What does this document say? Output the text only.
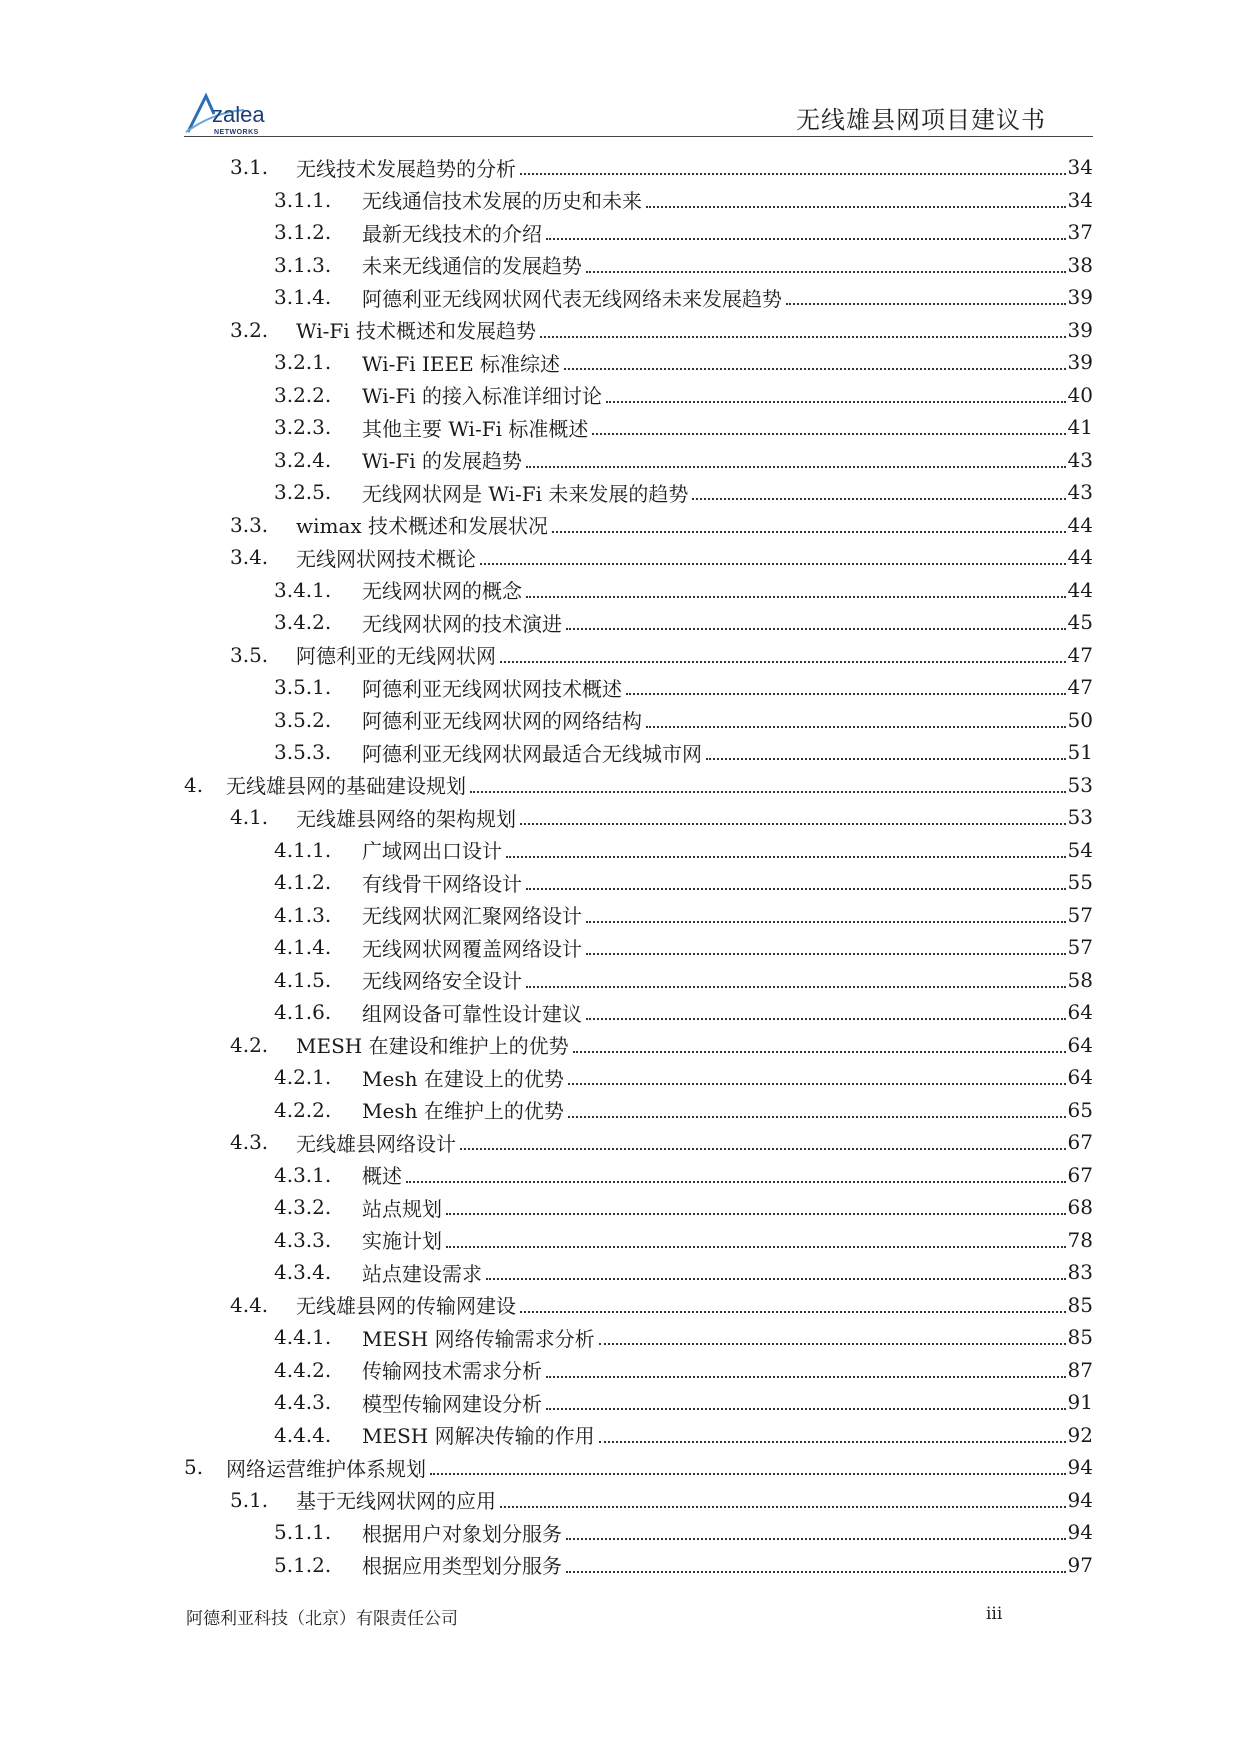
zalea
NETWORKS	无线雄县网项目建议书
3.1.	无线技术发展趋势的分析	34
3.1.1.	无线通信技术发展的历史和未来	34
3.1.2.	最新无线技术的介绍	37
3.1.3.	未来无线通信的发展趋势	38
3.1.4.	阿德利亚无线网状网代表无线网络未来发展趋势	39
3.2.	Wi-Fi 技术概述和发展趋势	39
3.2.1.	Wi-Fi IEEE 标准综述	39
3.2.2.	Wi-Fi 的接入标准详细讨论	40
3.2.3.	其他主要 Wi-Fi 标准概述	41
3.2.4.	Wi-Fi 的发展趋势	43
3.2.5.	无线网状网是 Wi-Fi 未来发展的趋势	43
3.3.	wimax 技术概述和发展状况	44
3.4.	无线网状网技术概论	44
3.4.1.	无线网状网的概念	44
3.4.2.	无线网状网的技术演进	45
3.5.	阿德利亚的无线网状网	47
3.5.1.	阿德利亚无线网状网技术概述	47
3.5.2.	阿德利亚无线网状网的网络结构	50
3.5.3.	阿德利亚无线网状网最适合无线城市网	51
4.	无线雄县网的基础建设规划	53
4.1.	无线雄县网络的架构规划	53
4.1.1.	广域网出口设计	54
4.1.2.	有线骨干网络设计	55
4.1.3.	无线网状网汇聚网络设计	57
4.1.4.	无线网状网覆盖网络设计	57
4.1.5.	无线网络安全设计	58
4.1.6.	组网设备可靠性设计建议	64
4.2.	MESH 在建设和维护上的优势	64
4.2.1.	Mesh 在建设上的优势	64
4.2.2.	Mesh 在维护上的优势	65
4.3.	无线雄县网络设计	67
4.3.1.	概述	67
4.3.2.	站点规划	68
4.3.3.	实施计划	78
4.3.4.	站点建设需求	83
4.4.	无线雄县网的传输网建设	85
4.4.1.	MESH 网络传输需求分析	85
4.4.2.	传输网技术需求分析	87
4.4.3.	模型传输网建设分析	91
4.4.4.	MESH 网解决传输的作用	92
5.	网络运营维护体系规划	94
5.1.	基于无线网状网的应用	94
5.1.1.	根据用户对象划分服务	94
5.1.2.	根据应用类型划分服务	97
阿德利亚科技（北京）有限责任公司	iii
